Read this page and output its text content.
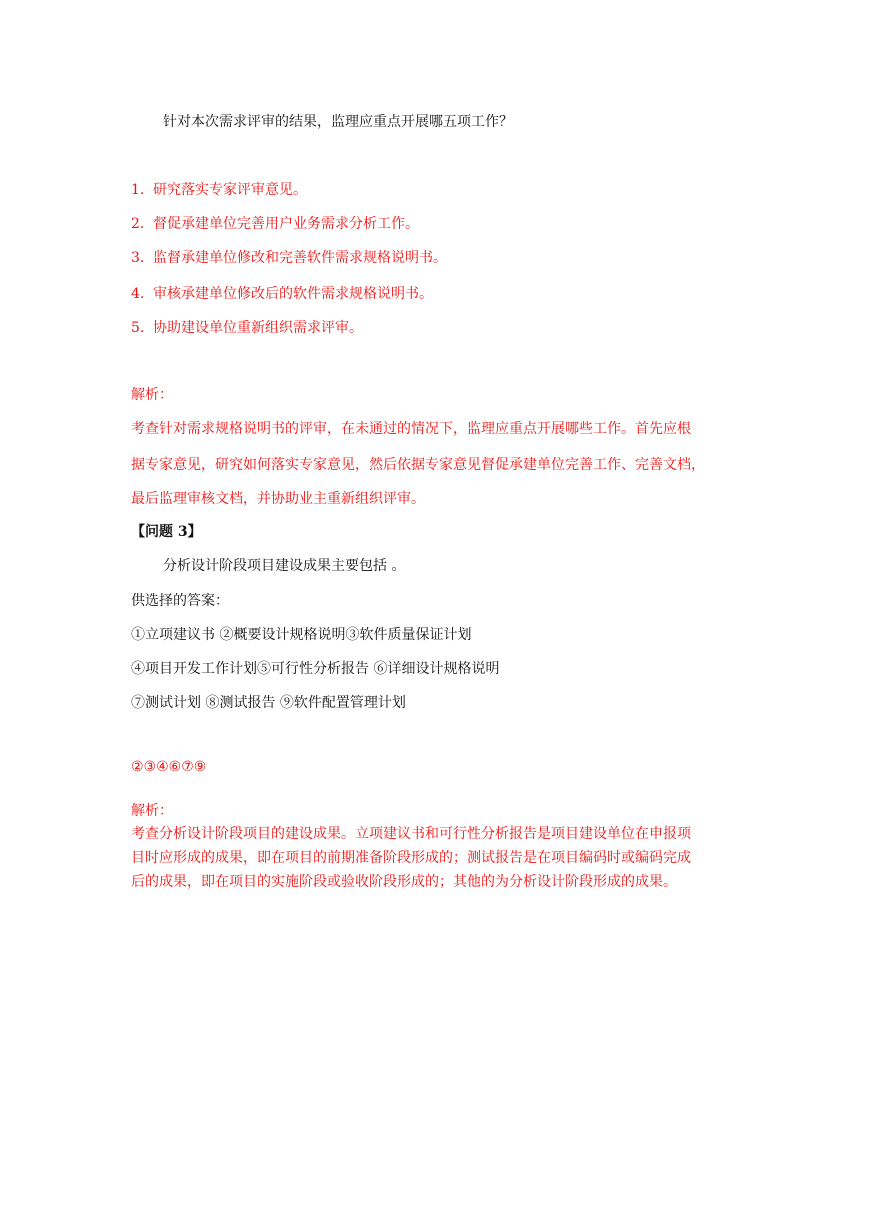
针对本次需求评审的结果，监理应重点开展哪五项工作？
1. 研究落实专家评审意见。
2. 督促承建单位完善用户业务需求分析工作。
3. 监督承建单位修改和完善软件需求规格说明书。
4. 审核承建单位修改后的软件需求规格说明书。
5. 协助建设单位重新组织需求评审。
解析：
考查针对需求规格说明书的评审，在未通过的情况下，监理应重点开展哪些工作。首先应根
据专家意见，研究如何落实专家意见，然后依据专家意见督促承建单位完善工作、完善文档，
最后监理审核文档，并协助业主重新组织评审。
【问题 3】
分析设计阶段项目建设成果主要包括 。
供选择的答案：
①立项建议书 ②概要设计规格说明③软件质量保证计划
④项目开发工作计划⑤可行性分析报告 ⑥详细设计规格说明
⑦测试计划 ⑧测试报告 ⑨软件配置管理计划
②③④⑥⑦⑨
解析：
考查分析设计阶段项目的建设成果。立项建议书和可行性分析报告是项目建设单位在申报项
目时应形成的成果，即在项目的前期准备阶段形成的；测试报告是在项目编码时或编码完成
后的成果，即在项目的实施阶段或验收阶段形成的；其他的为分析设计阶段形成的成果。
